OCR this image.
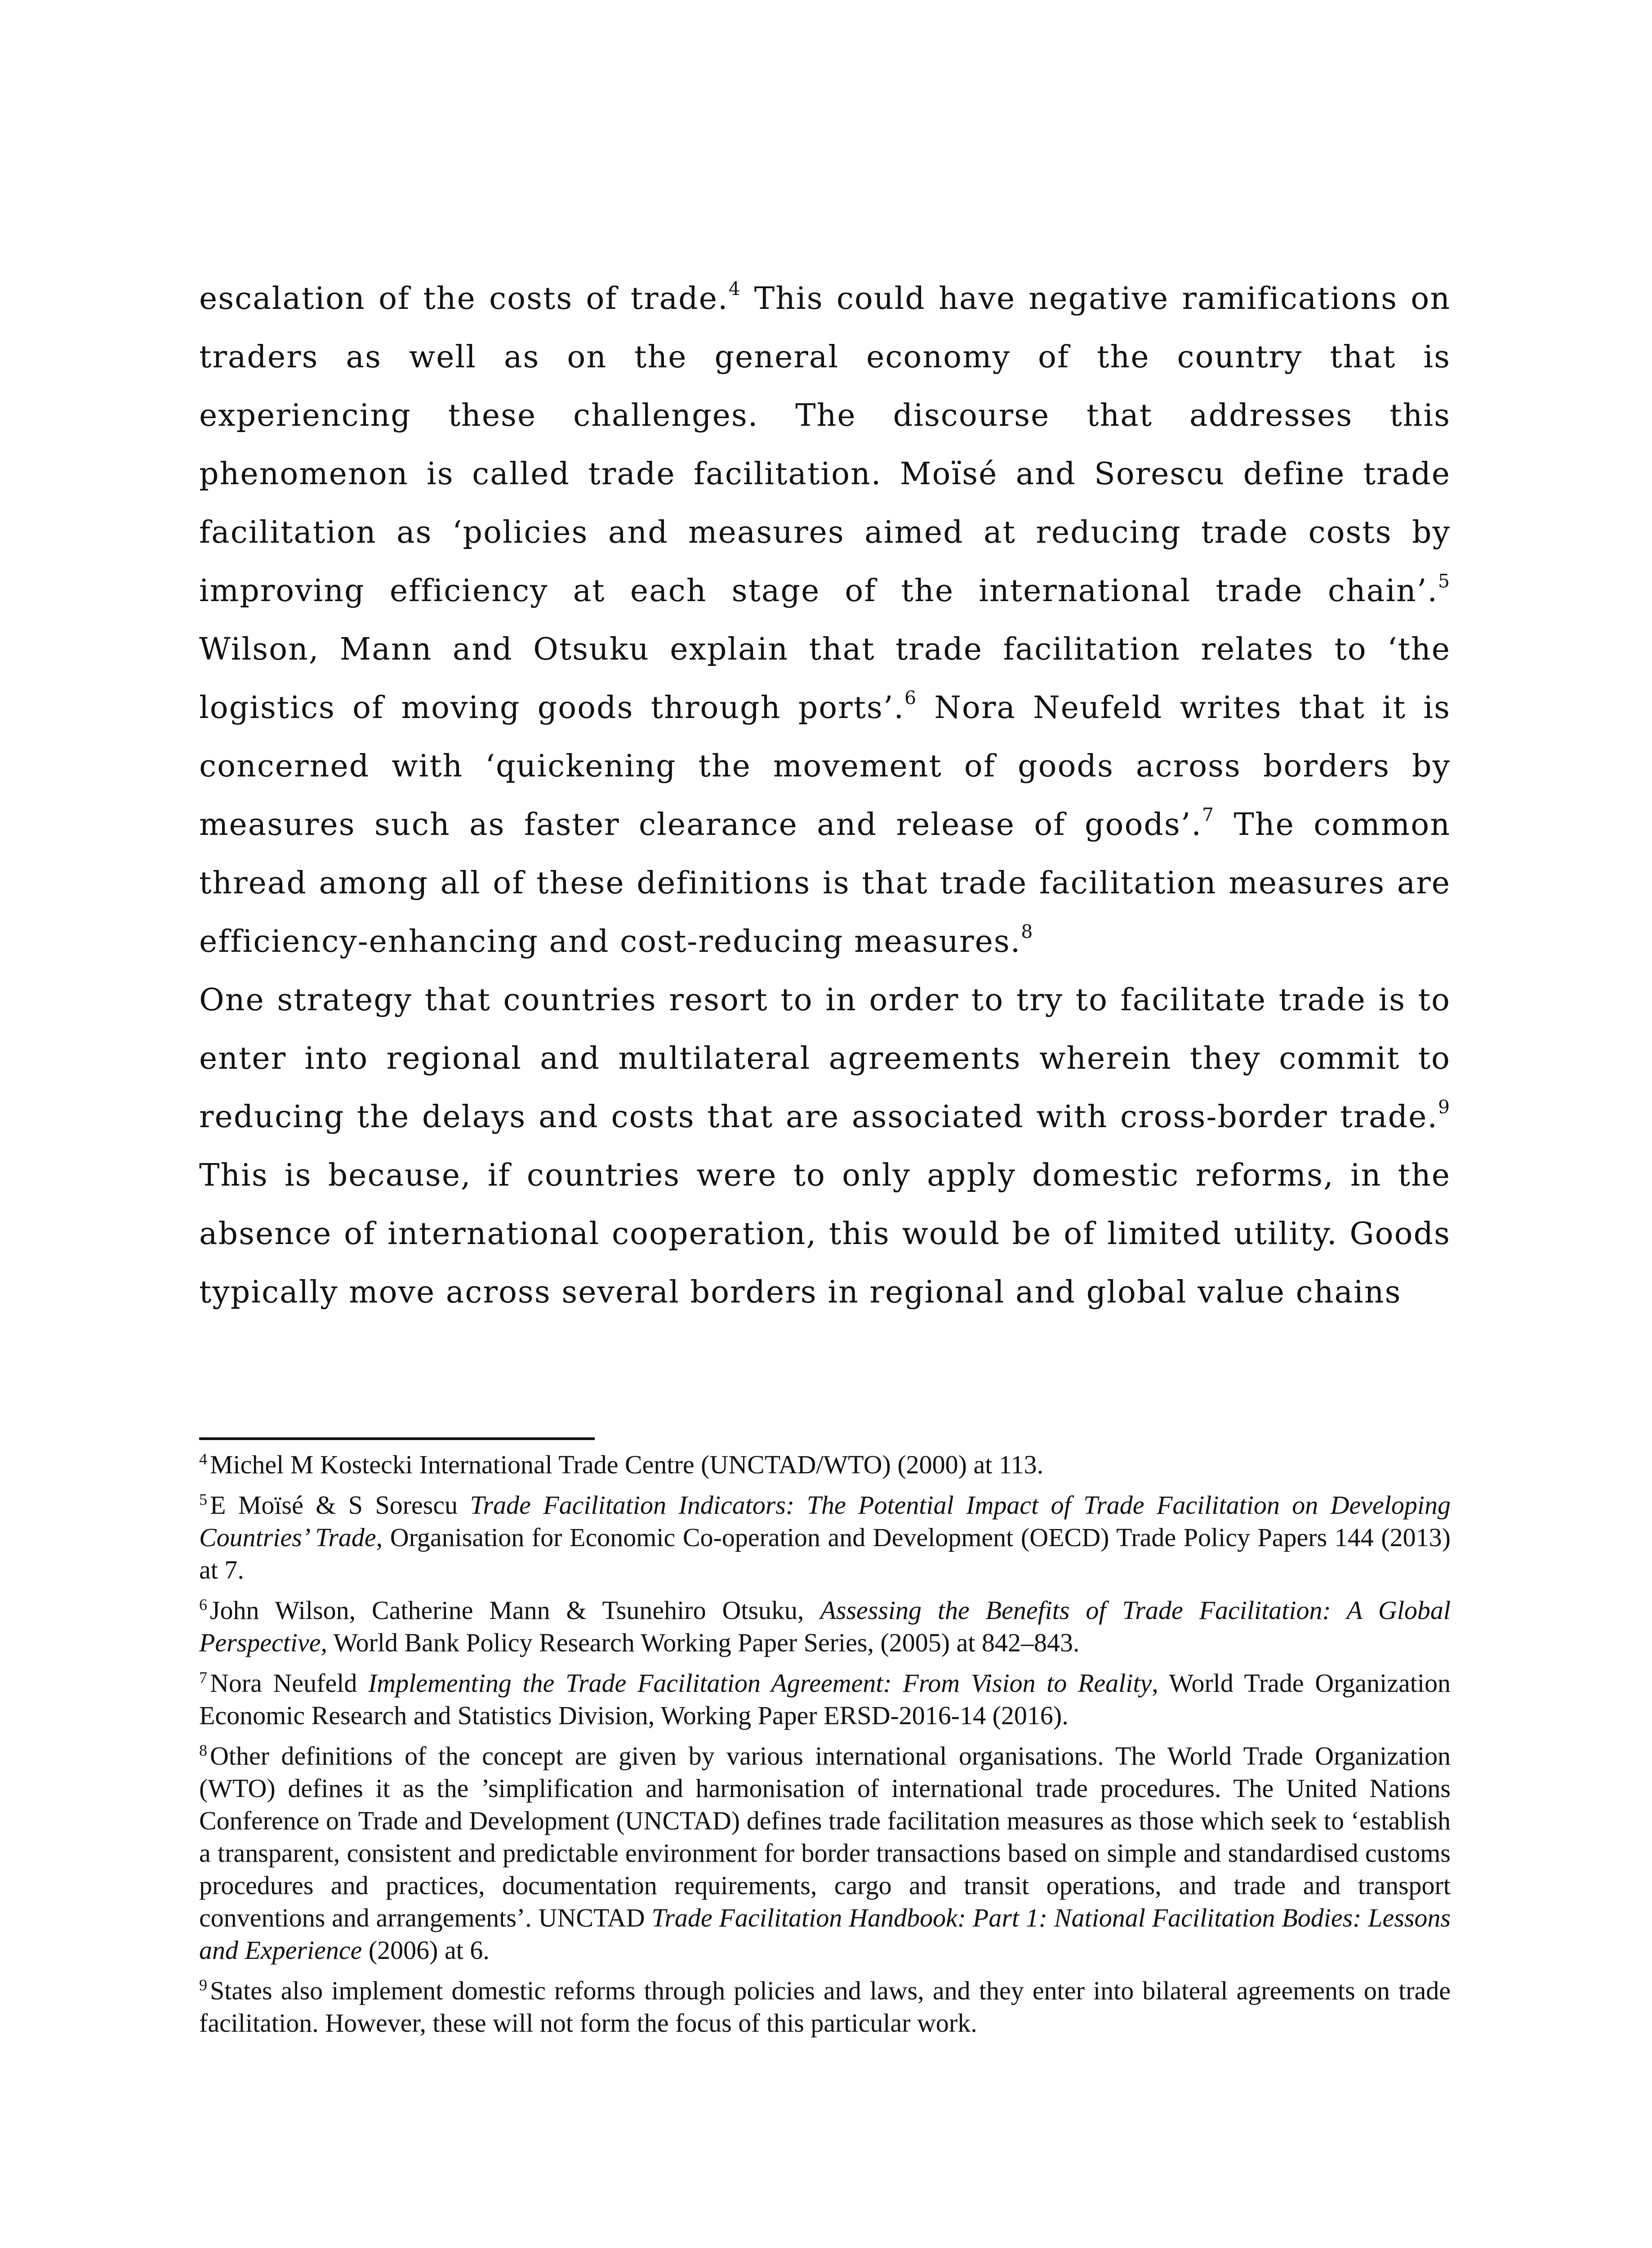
escalation of the costs of trade.$^4$ This could have negative ramifications on traders as well as on the general economy of the country that is experiencing these challenges. The discourse that addresses this phenomenon is called trade facilitation. Moïsé and Sorescu define trade facilitation as ‘policies and measures aimed at reducing trade costs by improving efficiency at each stage of the international trade chain’.$^5$ Wilson, Mann and Otsuku explain that trade facilitation relates to ‘the logistics of moving goods through ports’.$^6$ Nora Neufeld writes that it is concerned with ‘quickening the movement of goods across borders by measures such as faster clearance and release of goods’.$^7$ The common thread among all of these definitions is that trade facilitation measures are efficiency-enhancing and cost-reducing measures.$^8$

One strategy that countries resort to in order to try to facilitate trade is to enter into regional and multilateral agreements wherein they commit to reducing the delays and costs that are associated with cross-border trade.$^9$ This is because, if countries were to only apply domestic reforms, in the absence of international cooperation, this would be of limited utility. Goods typically move across several borders in regional and global value chains

$^4$ Michel M Kostecki International Trade Centre (UNCTAD/WTO) (2000) at 113.

$^5$ E Moïsé & S Sorescu Trade Facilitation Indicators: The Potential Impact of Trade Facilitation on Developing Countries’ Trade, Organisation for Economic Co-operation and Development (OECD) Trade Policy Papers 144 (2013) at 7.

$^6$ John Wilson, Catherine Mann & Tsunehiro Otsuku, Assessing the Benefits of Trade Facilitation: A Global Perspective, World Bank Policy Research Working Paper Series, (2005) at 842–843.

$^7$ Nora Neufeld Implementing the Trade Facilitation Agreement: From Vision to Reality, World Trade Organization Economic Research and Statistics Division, Working Paper ERSD-2016-14 (2016).

$^8$ Other definitions of the concept are given by various international organisations. The World Trade Organization (WTO) defines it as the ’simplification and harmonisation of international trade procedures. The United Nations Conference on Trade and Development (UNCTAD) defines trade facilitation measures as those which seek to ‘establish a transparent, consistent and predictable environment for border transactions based on simple and standardised customs procedures and practices, documentation requirements, cargo and transit operations, and trade and transport conventions and arrangements’. UNCTAD Trade Facilitation Handbook: Part 1: National Facilitation Bodies: Lessons and Experience (2006) at 6.

$^9$ States also implement domestic reforms through policies and laws, and they enter into bilateral agreements on trade facilitation. However, these will not form the focus of this particular work.
